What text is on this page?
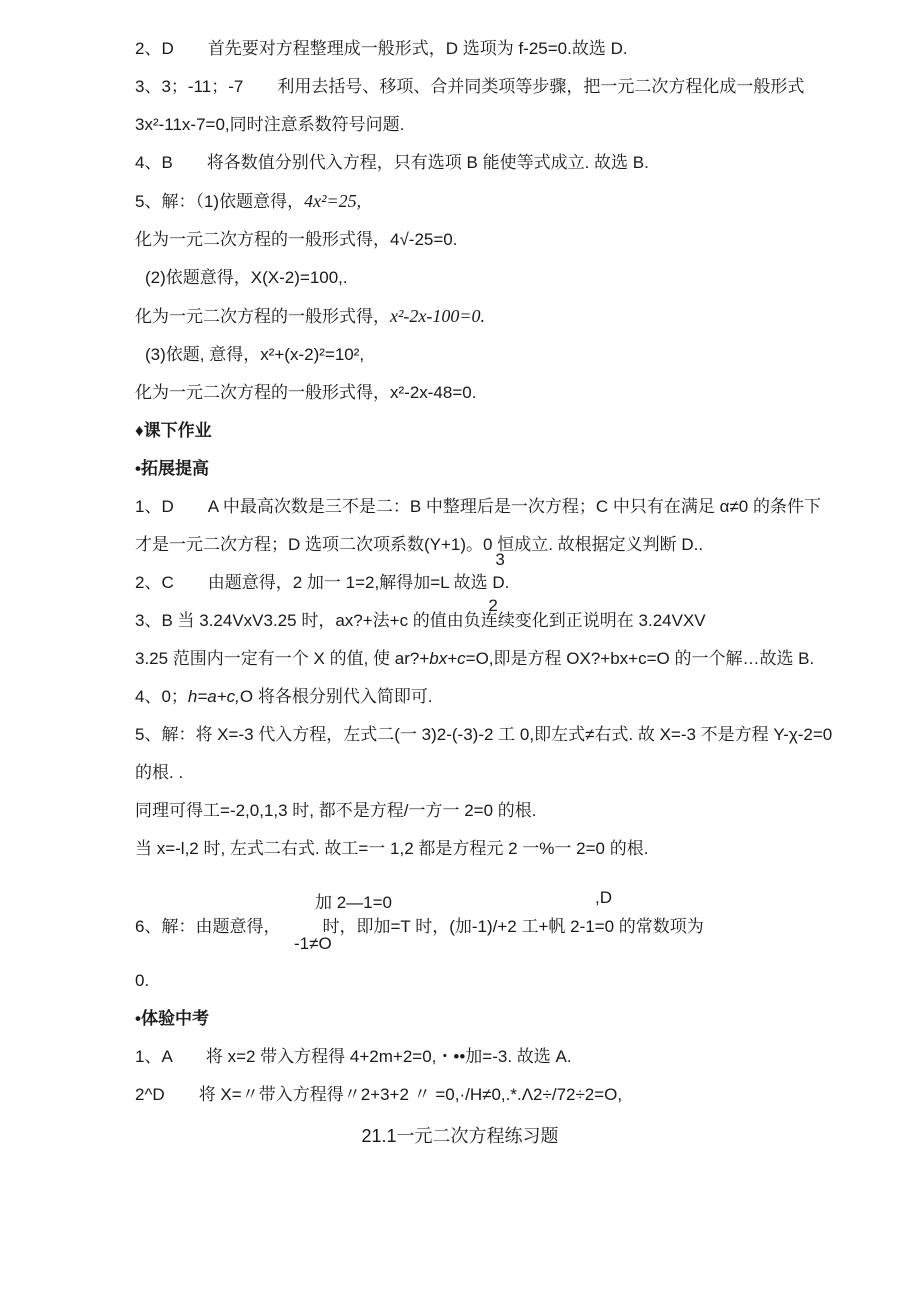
2、D　　首先要对方程整理成一般形式，D 选项为 f-25=0.故选 D.

3、3；-11；-7　　利用去括号、移项、合并同类项等步骤，把一元二次方程化成一般形式

3x²-11x-7=0,同时注意系数符号问题.

4、B　　将各数值分别代入方程，只有选项 B 能使等式成立. 故选 B.

5、解：（1)依题意得，4x²=25,

化为一元二次方程的一般形式得，4√-25=0.

(2)依题意得，X(X-2)=100,.

化为一元二次方程的一般形式得，x²-2x-100=0.

(3)依题, 意得，x²+(x-2)²=10²,

化为一元二次方程的一般形式得，x²-2x-48=0.

♦课下作业

•拓展提高

1、D　　A 中最高次数是三不是二：B 中整理后是一次方程；C 中只有在满足 α≠0 的条件下

才是一元二次方程；D 选项二次项系数(Y+1)。0 恒成立. 故根据定义判断 D..

2、C　　由题意得，2 加一 1=2,解得加=L 故选
3
2
D.

3、B 当 3.24VxV3.25 时，ax?+法+c 的值由负连续变化到正说明在 3.24VXV

3.25 范围内一定有一个 X 的值, 使 ar?+bx+c=O,即是方程 OX?+bx+c=O 的一个解…故选 B.

4、0；h=a+c,O 将各根分别代入简即可.

5、解：将 X=-3 代入方程，左式二(一 3)2-(-3)-2 工 0,即左式≠右式. 故 X=-3 不是方程 Y-χ-2=0

的根. .

同理可得工=-2,0,1,3 时, 都不是方程/一方一 2=0 的根.

当 x=-l,2 时, 左式二右式. 故工=一 1,2 都是方程元 2 一%一 2=0 的根.

加 2—1=0	,D
6、解：由题意得， 时，即加=T 时，(加-1)/+2 工+帆 2-1=0 的常数项为
-1≠O

0.

•体验中考

1、A　　将 x=2 带入方程得 4+2m+2=0,・••加=-3. 故选 A.

2^D　　将 X=〃带入方程得〃2+3+2 〃 =0,·/H≠0,.*.Λ2÷/72÷2=O,

21.1一元二次方程练习题
